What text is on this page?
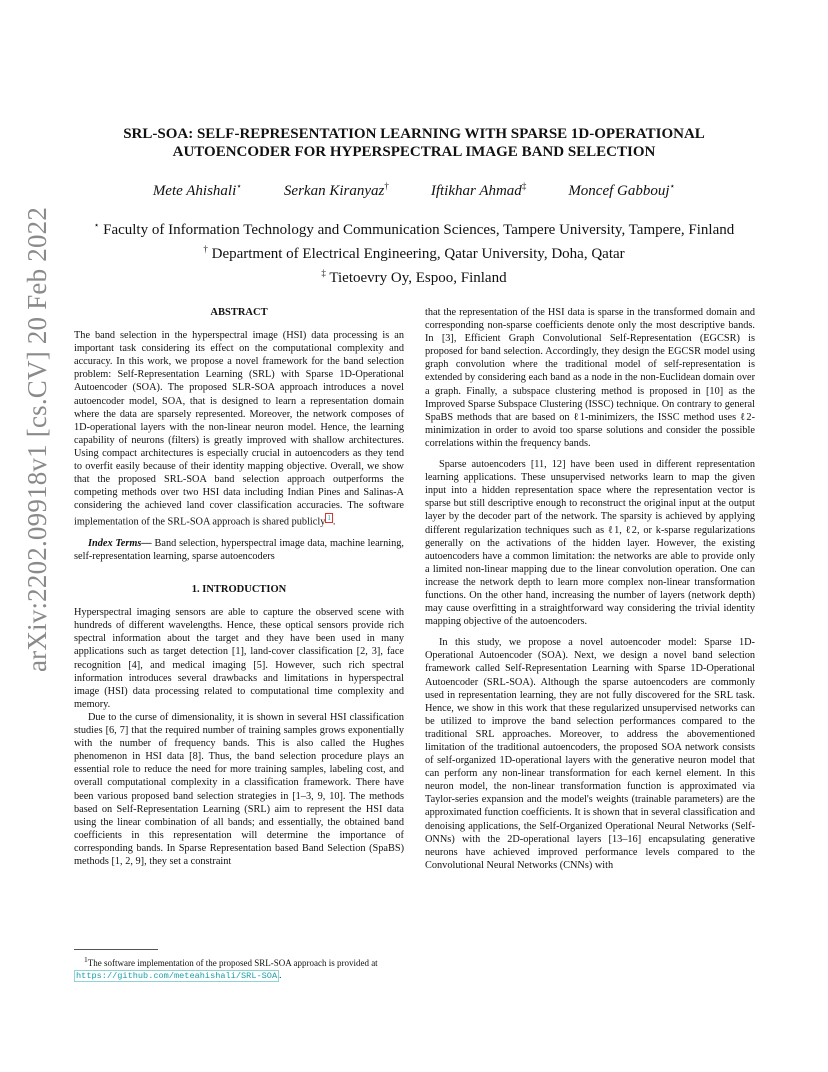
arXiv:2202.09918v1 [cs.CV] 20 Feb 2022
SRL-SOA: SELF-REPRESENTATION LEARNING WITH SPARSE 1D-OPERATIONAL
AUTOENCODER FOR HYPERSPECTRAL IMAGE BAND SELECTION
Mete Ahishali⋆	Serkan Kiranyaz†	Iftikhar Ahmad‡	Moncef Gabbouj⋆
⋆ Faculty of Information Technology and Communication Sciences, Tampere University, Tampere, Finland
† Department of Electrical Engineering, Qatar University, Doha, Qatar
‡ Tietoevry Oy, Espoo, Finland
ABSTRACT

The band selection in the hyperspectral image (HSI) data processing is an important task considering its effect on the computational complexity and accuracy. In this work, we propose a novel framework for the band selection problem: Self-Representation Learning (SRL) with Sparse 1D-Operational Autoencoder (SOA). The proposed SLR-SOA approach introduces a novel autoencoder model, SOA, that is designed to learn a representation domain where the data are sparsely represented. Moreover, the network composes of 1D-operational layers with the non-linear neuron model. Hence, the learning capability of neurons (filters) is greatly improved with shallow architectures. Using compact architectures is especially crucial in autoencoders as they tend to overfit easily because of their identity mapping objective. Overall, we show that the proposed SRL-SOA band selection approach outperforms the competing methods over two HSI data including Indian Pines and Salinas-A considering the achieved land cover classification accuracies. The software implementation of the SRL-SOA approach is shared publicly $^1$ .

Index Terms— Band selection, hyperspectral image data, machine learning, self-representation learning, sparse autoencoders

1. INTRODUCTION

Hyperspectral imaging sensors are able to capture the observed scene with hundreds of different wavelengths. Hence, these optical sensors provide rich spectral information about the target and they have been used in many applications such as target detection [1], land-cover classification [2, 3], face recognition [4], and medical imaging [5]. However, such rich spectral information introduces several drawbacks and limitations in hyperspectral image (HSI) data processing related to computational time complexity and memory.

Due to the curse of dimensionality, it is shown in several HSI classification studies [6, 7] that the required number of training samples grows exponentially with the number of frequency bands. This is also called the Hughes phenomenon in HSI data [8]. Thus, the band selection procedure plays an essential role to reduce the need for more training samples, labeling cost, and overall computational complexity in a classification framework. There have been various proposed band selection strategies in [1–3, 9, 10]. The methods based on Self-Representation Learning (SRL) aim to represent the HSI data using the linear combination of all bands; and essentially, the obtained band coefficients in this representation will determine the importance of corresponding bands. In Sparse Representation based Band Selection (SpaBS) methods [1, 2, 9], they set a constraint

$^1$The software implementation of the proposed SRL-SOA approach is provided at https://github.com/meteahishali/SRL-SOA .

that the representation of the HSI data is sparse in the transformed domain and corresponding non-sparse coefficients denote only the most descriptive bands. In [3], Efficient Graph Convolutional Self-Representation (EGCSR) is proposed for band selection. Accordingly, they design the EGCSR model using graph convolution where the traditional model of self-representation is extended by considering each band as a node in the non-Euclidean domain over a graph. Finally, a subspace clustering method is proposed in [10] as the Improved Sparse Subspace Clustering (ISSC) technique. On contrary to general SpaBS methods that are based on ℓ1-minimizers, the ISSC method uses ℓ2-minimization in order to avoid too sparse solutions and consider the possible correlations within the frequency bands.

Sparse autoencoders [11, 12] have been used in different representation learning applications. These unsupervised networks learn to map the given input into a hidden representation space where the representation vector is sparse but still descriptive enough to reconstruct the original input at the output layer by the decoder part of the network. The sparsity is achieved by applying different regularization techniques such as ℓ1, ℓ2, or k-sparse regularizations generally on the activations of the hidden layer. However, the existing autoencoders have a common limitation: the networks are able to provide only a limited non-linear mapping due to the linear convolution operation. One can increase the network depth to learn more complex non-linear transformation functions. On the other hand, increasing the number of layers (network depth) may cause overfitting in a straightforward way considering the trivial identity mapping objective of the autoencoders.

In this study, we propose a novel autoencoder model: Sparse 1D-Operational Autoencoder (SOA). Next, we design a novel band selection framework called Self-Representation Learning with Sparse 1D-Operational Autoencoder (SRL-SOA). Although the sparse autoencoders are commonly used in representation learning, they are not fully discovered for the SRL task. Hence, we show in this work that these regularized unsupervised networks can be utilized to improve the band selection performances compared to the traditional SRL approaches. Moreover, to address the abovementioned limitation of the traditional autoencoders, the proposed SOA network consists of self-organized 1D-operational layers with the generative neuron model that can perform any non-linear transformation for each kernel element. In this neuron model, the non-linear transformation function is approximated via Taylor-series expansion and the model's weights (trainable parameters) are the approximated function coefficients. It is shown that in several classification and denoising applications, the Self-Organized Operational Neural Networks (Self-ONNs) with the 2D-operational layers [13–16] encapsulating generative neurons have achieved improved performance levels compared to the Convolutional Neural Networks (CNNs) with
